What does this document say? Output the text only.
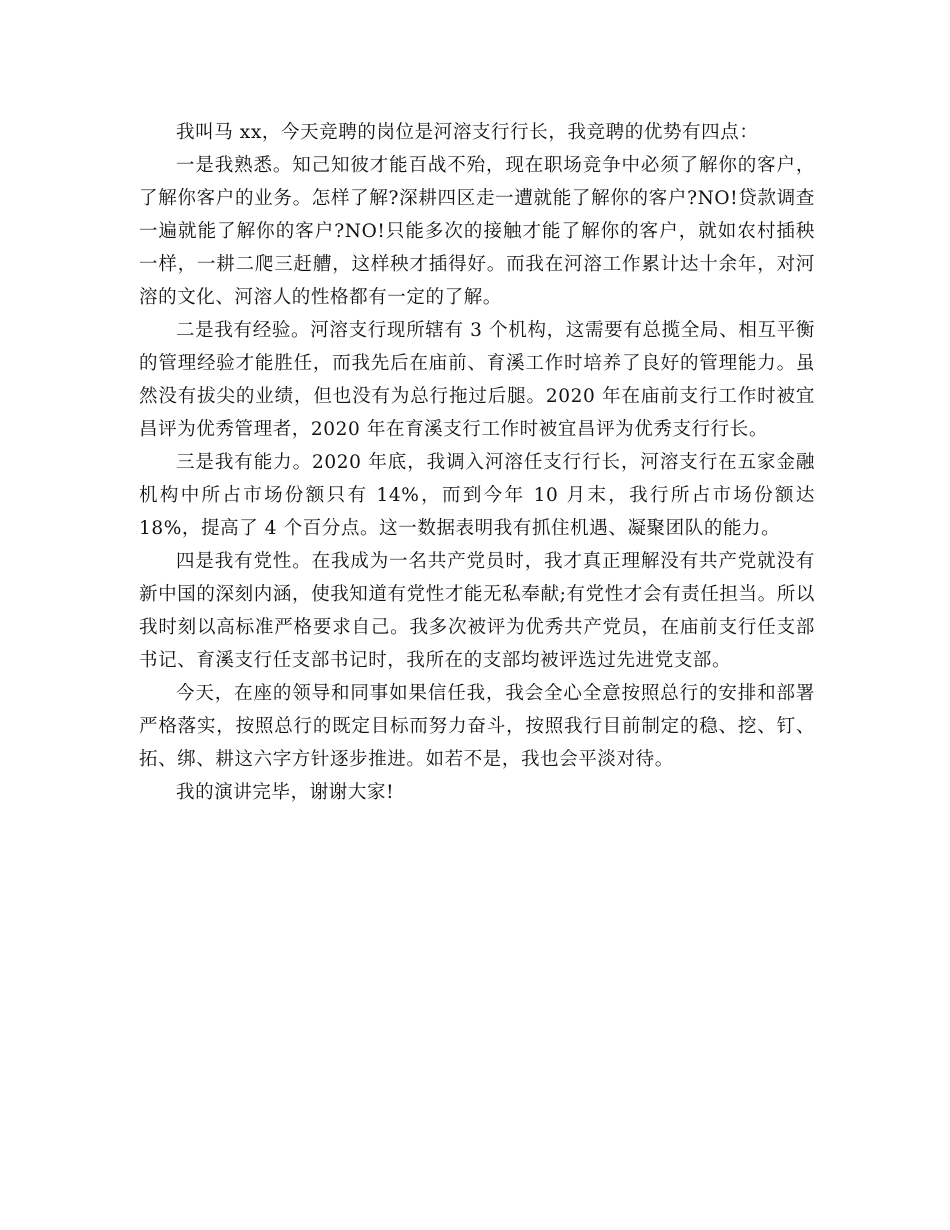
我叫马 xx，今天竞聘的岗位是河溶支行行长，我竞聘的优势有四点：

一是我熟悉。知己知彼才能百战不殆，现在职场竞争中必须了解你的客户，了解你客户的业务。怎样了解?深耕四区走一遭就能了解你的客户?NO!贷款调查一遍就能了解你的客户?NO!只能多次的接触才能了解你的客户，就如农村插秧一样，一耕二爬三赶艚，这样秧才插得好。而我在河溶工作累计达十余年，对河溶的文化、河溶人的性格都有一定的了解。

二是我有经验。河溶支行现所辖有 3 个机构，这需要有总揽全局、相互平衡的管理经验才能胜任，而我先后在庙前、育溪工作时培养了良好的管理能力。虽然没有拔尖的业绩，但也没有为总行拖过后腿。2020 年在庙前支行工作时被宜昌评为优秀管理者，2020 年在育溪支行工作时被宜昌评为优秀支行行长。

三是我有能力。2020 年底，我调入河溶任支行行长，河溶支行在五家金融机构中所占市场份额只有 14%，而到今年 10 月末，我行所占市场份额达 18%，提高了 4 个百分点。这一数据表明我有抓住机遇、凝聚团队的能力。

四是我有党性。在我成为一名共产党员时，我才真正理解没有共产党就没有新中国的深刻内涵，使我知道有党性才能无私奉献;有党性才会有责任担当。所以我时刻以高标准严格要求自己。我多次被评为优秀共产党员，在庙前支行任支部书记、育溪支行任支部书记时，我所在的支部均被评选过先进党支部。

今天，在座的领导和同事如果信任我，我会全心全意按照总行的安排和部署严格落实，按照总行的既定目标而努力奋斗，按照我行目前制定的稳、挖、钉、拓、绑、耕这六字方针逐步推进。如若不是，我也会平淡对待。

我的演讲完毕，谢谢大家!
